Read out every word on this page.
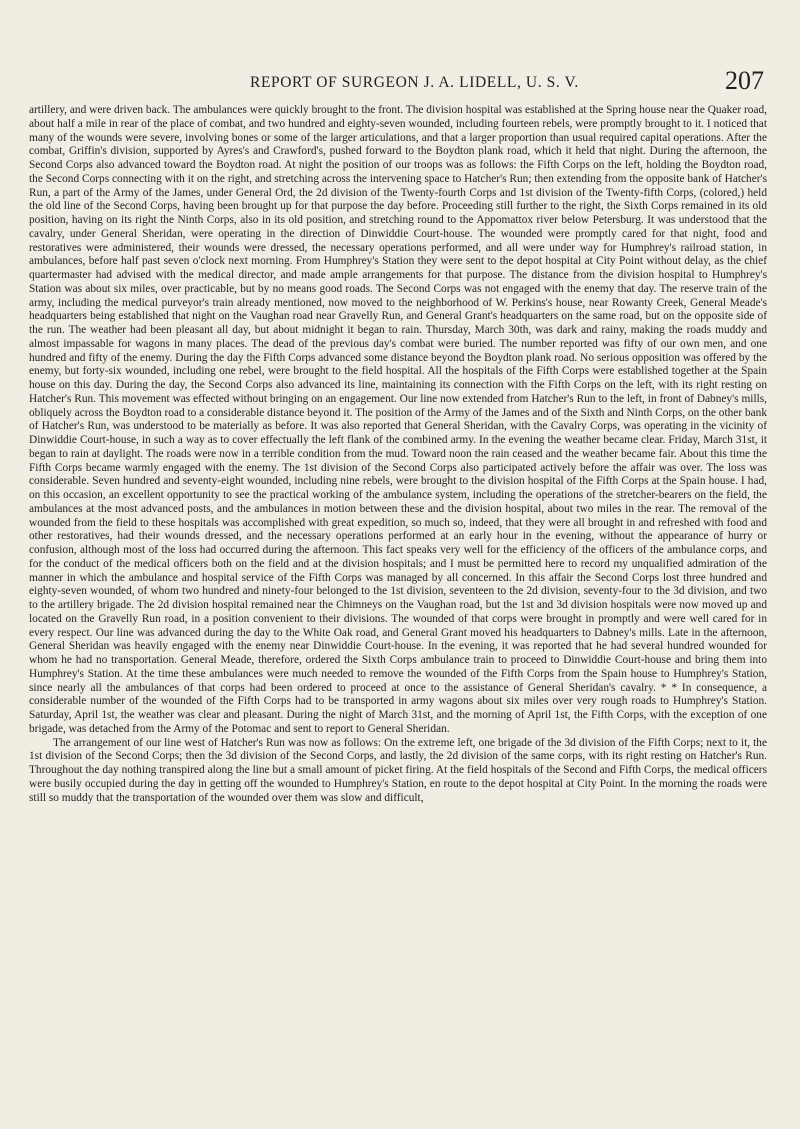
REPORT OF SURGEON J. A. LIDELL, U. S. V.	207

artillery, and were driven back. The ambulances were quickly brought to the front. The division hospital was established at the Spring house near the Quaker road, about half a mile in rear of the place of combat, and two hundred and eighty-seven wounded, including fourteen rebels, were promptly brought to it. I noticed that many of the wounds were severe, involving bones or some of the larger articulations, and that a larger proportion than usual required capital operations. After the combat, Griffin's division, supported by Ayres's and Crawford's, pushed forward to the Boydton plank road, which it held that night. During the afternoon, the Second Corps also advanced toward the Boydton road. At night the position of our troops was as follows: the Fifth Corps on the left, holding the Boydton road, the Second Corps connecting with it on the right, and stretching across the intervening space to Hatcher's Run; then extending from the opposite bank of Hatcher's Run, a part of the Army of the James, under General Ord, the 2d division of the Twenty-fourth Corps and 1st division of the Twenty-fifth Corps, (colored,) held the old line of the Second Corps, having been brought up for that purpose the day before. Proceeding still further to the right, the Sixth Corps remained in its old position, having on its right the Ninth Corps, also in its old position, and stretching round to the Appomattox river below Petersburg. It was understood that the cavalry, under General Sheridan, were operating in the direction of Dinwiddie Court-house. The wounded were promptly cared for that night, food and restoratives were administered, their wounds were dressed, the necessary operations performed, and all were under way for Humphrey's railroad station, in ambulances, before half past seven o'clock next morning. From Humphrey's Station they were sent to the depot hospital at City Point without delay, as the chief quartermaster had advised with the medical director, and made ample arrangements for that purpose. The distance from the division hospital to Humphrey's Station was about six miles, over practicable, but by no means good roads. The Second Corps was not engaged with the enemy that day. The reserve train of the army, including the medical purveyor's train already mentioned, now moved to the neighborhood of W. Perkins's house, near Rowanty Creek, General Meade's headquarters being established that night on the Vaughan road near Gravelly Run, and General Grant's headquarters on the same road, but on the opposite side of the run. The weather had been pleasant all day, but about midnight it began to rain. Thursday, March 30th, was dark and rainy, making the roads muddy and almost impassable for wagons in many places. The dead of the previous day's combat were buried. The number reported was fifty of our own men, and one hundred and fifty of the enemy. During the day the Fifth Corps advanced some distance beyond the Boydton plank road. No serious opposition was offered by the enemy, but forty-six wounded, including one rebel, were brought to the field hospital. All the hospitals of the Fifth Corps were established together at the Spain house on this day. During the day, the Second Corps also advanced its line, maintaining its connection with the Fifth Corps on the left, with its right resting on Hatcher's Run. This movement was effected without bringing on an engagement. Our line now extended from Hatcher's Run to the left, in front of Dabney's mills, obliquely across the Boydton road to a considerable distance beyond it. The position of the Army of the James and of the Sixth and Ninth Corps, on the other bank of Hatcher's Run, was understood to be materially as before. It was also reported that General Sheridan, with the Cavalry Corps, was operating in the vicinity of Dinwiddie Court-house, in such a way as to cover effectually the left flank of the combined army. In the evening the weather became clear. Friday, March 31st, it began to rain at daylight. The roads were now in a terrible condition from the mud. Toward noon the rain ceased and the weather became fair. About this time the Fifth Corps became warmly engaged with the enemy. The 1st division of the Second Corps also participated actively before the affair was over. The loss was considerable. Seven hundred and seventy-eight wounded, including nine rebels, were brought to the division hospital of the Fifth Corps at the Spain house. I had, on this occasion, an excellent opportunity to see the practical working of the ambulance system, including the operations of the stretcher-bearers on the field, the ambulances at the most advanced posts, and the ambulances in motion between these and the division hospital, about two miles in the rear. The removal of the wounded from the field to these hospitals was accomplished with great expedition, so much so, indeed, that they were all brought in and refreshed with food and other restoratives, had their wounds dressed, and the necessary operations performed at an early hour in the evening, without the appearance of hurry or confusion, although most of the loss had occurred during the afternoon. This fact speaks very well for the efficiency of the officers of the ambulance corps, and for the conduct of the medical officers both on the field and at the division hospitals; and I must be permitted here to record my unqualified admiration of the manner in which the ambulance and hospital service of the Fifth Corps was managed by all concerned. In this affair the Second Corps lost three hundred and eighty-seven wounded, of whom two hundred and ninety-four belonged to the 1st division, seventeen to the 2d division, seventy-four to the 3d division, and two to the artillery brigade. The 2d division hospital remained near the Chimneys on the Vaughan road, but the 1st and 3d division hospitals were now moved up and located on the Gravelly Run road, in a position convenient to their divisions. The wounded of that corps were brought in promptly and were well cared for in every respect. Our line was advanced during the day to the White Oak road, and General Grant moved his headquarters to Dabney's mills. Late in the afternoon, General Sheridan was heavily engaged with the enemy near Dinwiddie Court-house. In the evening, it was reported that he had several hundred wounded for whom he had no transportation. General Meade, therefore, ordered the Sixth Corps ambulance train to proceed to Dinwiddie Court-house and bring them into Humphrey's Station. At the time these ambulances were much needed to remove the wounded of the Fifth Corps from the Spain house to Humphrey's Station, since nearly all the ambulances of that corps had been ordered to proceed at once to the assistance of General Sheridan's cavalry. * * In consequence, a considerable number of the wounded of the Fifth Corps had to be transported in army wagons about six miles over very rough roads to Humphrey's Station. Saturday, April 1st, the weather was clear and pleasant. During the night of March 31st, and the morning of April 1st, the Fifth Corps, with the exception of one brigade, was detached from the Army of the Potomac and sent to report to General Sheridan.

The arrangement of our line west of Hatcher's Run was now as follows: On the extreme left, one brigade of the 3d division of the Fifth Corps; next to it, the 1st division of the Second Corps; then the 3d division of the Second Corps, and lastly, the 2d division of the same corps, with its right resting on Hatcher's Run. Throughout the day nothing transpired along the line but a small amount of picket firing. At the field hospitals of the Second and Fifth Corps, the medical officers were busily occupied during the day in getting off the wounded to Humphrey's Station, en route to the depot hospital at City Point. In the morning the roads were still so muddy that the transportation of the wounded over them was slow and difficult,
